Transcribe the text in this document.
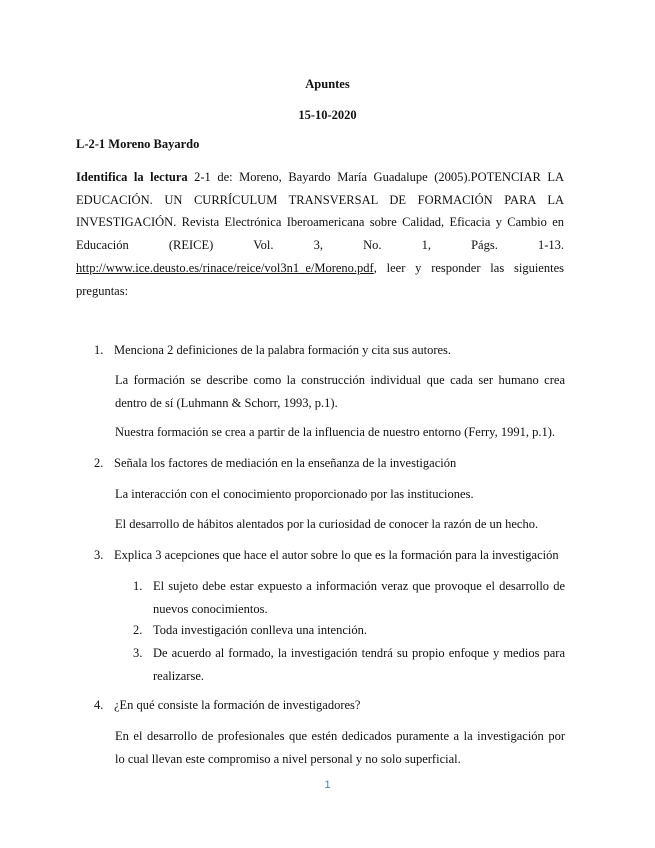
Apuntes
15-10-2020
L-2-1 Moreno Bayardo
Identifica la lectura 2-1 de: Moreno, Bayardo María Guadalupe (2005).POTENCIAR LA
EDUCACIÓN. UN CURRÍCULUM TRANSVERSAL DE FORMACIÓN PARA LA
INVESTIGACIÓN. Revista Electrónica Iberoamericana sobre Calidad, Eficacia y Cambio en
Educación (REICE) Vol. 3, No. 1, Págs. 1-13.
http://www.ice.deusto.es/rinace/reice/vol3n1_e/Moreno.pdf, leer y responder las siguientes
preguntas:
1. Menciona 2 definiciones de la palabra formación y cita sus autores.
La formación se describe como la construcción individual que cada ser humano crea
dentro de sí (Luhmann & Schorr, 1993, p.1).
Nuestra formación se crea a partir de la influencia de nuestro entorno (Ferry, 1991, p.1).
2. Señala los factores de mediación en la enseñanza de la investigación
La interacción con el conocimiento proporcionado por las instituciones.
El desarrollo de hábitos alentados por la curiosidad de conocer la razón de un hecho.
3. Explica 3 acepciones que hace el autor sobre lo que es la formación para la investigación
1. El sujeto debe estar expuesto a información veraz que provoque el desarrollo de
nuevos conocimientos.
2. Toda investigación conlleva una intención.
3. De acuerdo al formado, la investigación tendrá su propio enfoque y medios para
realizarse.
4. ¿En qué consiste la formación de investigadores?
En el desarrollo de profesionales que estén dedicados puramente a la investigación por
lo cual llevan este compromiso a nivel personal y no solo superficial.
1
